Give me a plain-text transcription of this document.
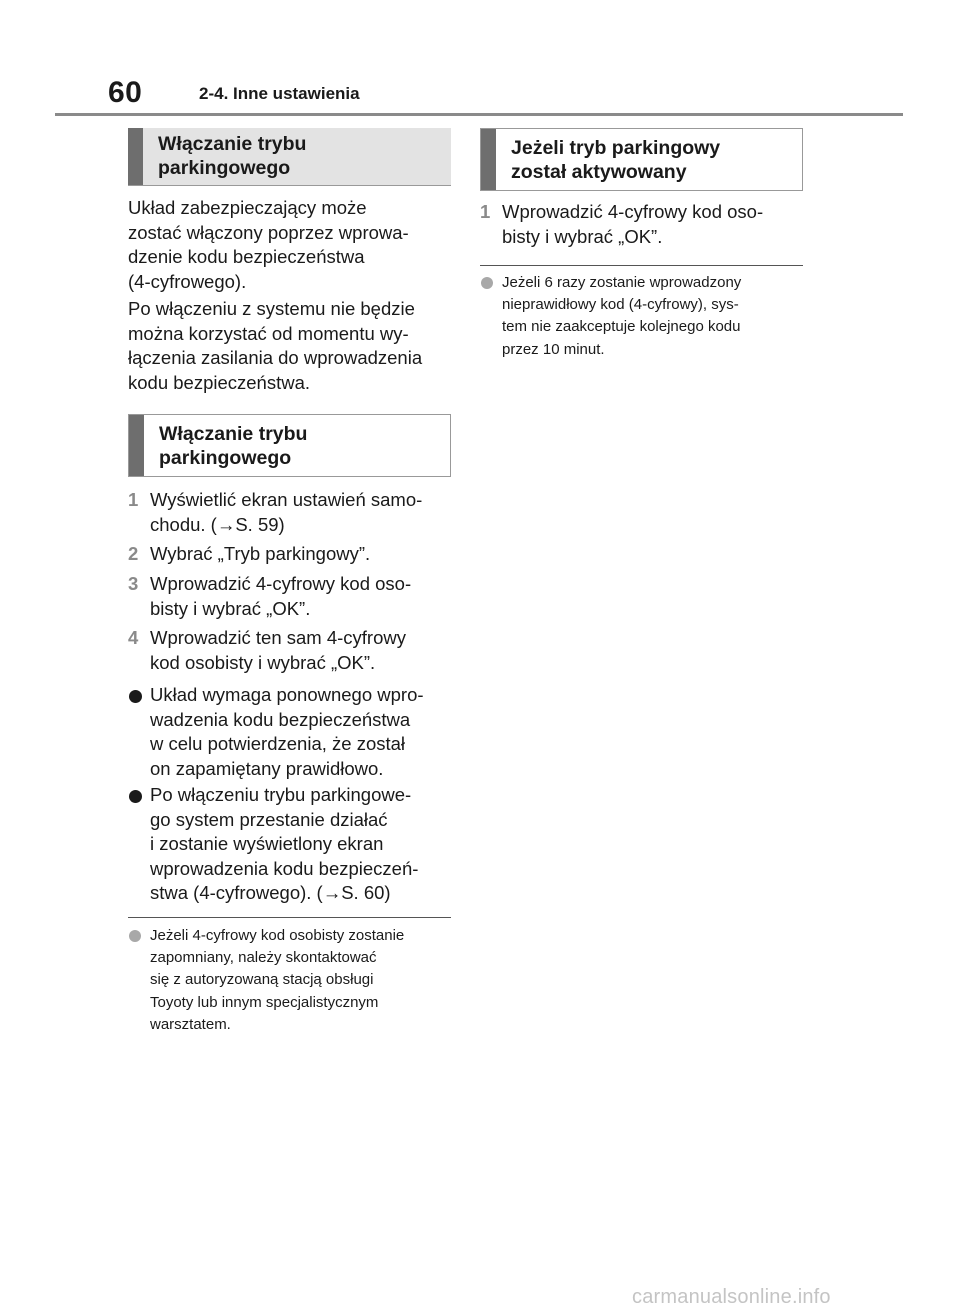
60	2-4. Inne ustawienia
Włączanie trybu
parkingowego
Układ zabezpieczający może
zostać włączony poprzez wprowa-
dzenie kodu bezpieczeństwa
(4-cyfrowego).
Po włączeniu z systemu nie będzie
można korzystać od momentu wy-
łączenia zasilania do wprowadzenia
kodu bezpieczeństwa.
Włączanie trybu
parkingowego
1 Wyświetlić ekran ustawień samo-
chodu. (→S. 59)
2 Wybrać „Tryb parkingowy”.
3 Wprowadzić 4-cyfrowy kod oso-
bisty i wybrać „OK”.
4 Wprowadzić ten sam 4-cyfrowy
kod osobisty i wybrać „OK”.
Układ wymaga ponownego wpro-
wadzenia kodu bezpieczeństwa
w celu potwierdzenia, że został
on zapamiętany prawidłowo.
Po włączeniu trybu parkingowe-
go system przestanie działać
i zostanie wyświetlony ekran
wprowadzenia kodu bezpieczeń-
stwa (4-cyfrowego). (→S. 60)
Jeżeli 4-cyfrowy kod osobisty zostanie
zapomniany, należy skontaktować
się z autoryzowaną stacją obsługi
Toyoty lub innym specjalistycznym
warsztatem.
Jeżeli tryb parkingowy
został aktywowany
1 Wprowadzić 4-cyfrowy kod oso-
bisty i wybrać „OK”.
Jeżeli 6 razy zostanie wprowadzony
nieprawidłowy kod (4-cyfrowy), sys-
tem nie zaakceptuje kolejnego kodu
przez 10 minut.
carmanualsonline.info
